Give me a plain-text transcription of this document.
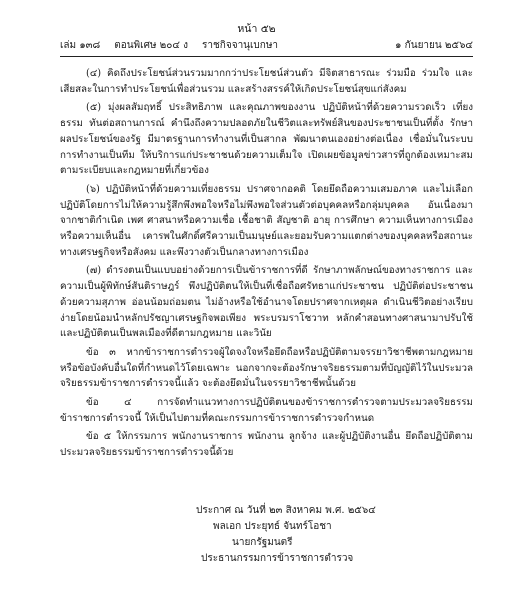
หน้า ๕๒
เล่ม ๑๓๘ ตอนพิเศษ ๒๐๔ ง ราชกิจจานุเบกษา	๑ กันยายน ๒๕๖๔

(๔) คิดถึงประโยชน์ส่วนรวมมากกว่าประโยชน์ส่วนตัว มีจิตสาธารณะ ร่วมมือ ร่วมใจ และเสียสละในการทำประโยชน์เพื่อส่วนรวม และสร้างสรรค์ให้เกิดประโยชน์สุขแก่สังคม

(๕) มุ่งผลสัมฤทธิ์ ประสิทธิภาพ และคุณภาพของงาน ปฏิบัติหน้าที่ด้วยความรวดเร็ว เที่ยงธรรม ทันต่อสถานการณ์ คำนึงถึงความปลอดภัยในชีวิตและทรัพย์สินของประชาชนเป็นที่ตั้ง รักษาผลประโยชน์ของรัฐ มีมาตรฐานการทำงานที่เป็นสากล พัฒนาตนเองอย่างต่อเนื่อง เชื่อมั่นในระบบการทำงานเป็นทีม ให้บริการแก่ประชาชนด้วยความเต็มใจ เปิดเผยข้อมูลข่าวสารที่ถูกต้องเหมาะสมตามระเบียบและกฎหมายที่เกี่ยวข้อง

(๖) ปฏิบัติหน้าที่ด้วยความเที่ยงธรรม ปราศจากอคติ โดยยึดถือความเสมอภาค และไม่เลือกปฏิบัติโดยการไม่ให้ความรู้สึกพึงพอใจหรือไม่พึงพอใจส่วนตัวต่อบุคคลหรือกลุ่มบุคคล อันเนื่องมาจากชาติกำเนิด เพศ ศาสนาหรือความเชื่อ เชื้อชาติ สัญชาติ อายุ การศึกษา ความเห็นทางการเมืองหรือความเห็นอื่น เคารพในศักดิ์ศรีความเป็นมนุษย์และยอมรับความแตกต่างของบุคคลหรือสถานะทางเศรษฐกิจหรือสังคม และพึงวางตัวเป็นกลางทางการเมือง

(๗) ดำรงตนเป็นแบบอย่างด้วยการเป็นข้าราชการที่ดี รักษาภาพลักษณ์ของทางราชการ และความเป็นผู้พิทักษ์สันติราษฎร์ พึงปฏิบัติตนให้เป็นที่เชื่อถือศรัทธาแก่ประชาชน ปฏิบัติต่อประชาชนด้วยความสุภาพ อ่อนน้อมถ่อมตน ไม่อ้างหรือใช้อำนาจโดยปราศจากเหตุผล ดำเนินชีวิตอย่างเรียบง่ายโดยน้อมนำหลักปรัชญาเศรษฐกิจพอเพียง พระบรมราโชวาท หลักคำสอนทางศาสนามาปรับใช้ และปฏิบัติตนเป็นพลเมืองที่ดีตามกฎหมาย และวินัย

ข้อ ๓ หากข้าราชการตำรวจผู้ใดจงใจหรือยึดถือหรือปฏิบัติตามจรรยาวิชาชีพตามกฎหมายหรือข้อบังคับอื่นใดที่กำหนดไว้โดยเฉพาะ นอกจากจะต้องรักษาจริยธรรมตามที่บัญญัติไว้ในประมวลจริยธรรมข้าราชการตำรวจนี้แล้ว จะต้องยึดมั่นในจรรยาวิชาชีพนั้นด้วย

ข้อ ๔ การจัดทำแนวทางการปฏิบัติตนของข้าราชการตำรวจตามประมวลจริยธรรมข้าราชการตำรวจนี้ ให้เป็นไปตามที่คณะกรรมการข้าราชการตำรวจกำหนด

ข้อ ๕ ให้กรรมการ พนักงานราชการ พนักงาน ลูกจ้าง และผู้ปฏิบัติงานอื่น ยึดถือปฏิบัติตามประมวลจริยธรรมข้าราชการตำรวจนี้ด้วย

ประกาศ ณ วันที่ ๒๓ สิงหาคม พ.ศ. ๒๕๖๔
พลเอก ประยุทธ์ จันทร์โอชา
นายกรัฐมนตรี
ประธานกรรมการข้าราชการตำรวจ
